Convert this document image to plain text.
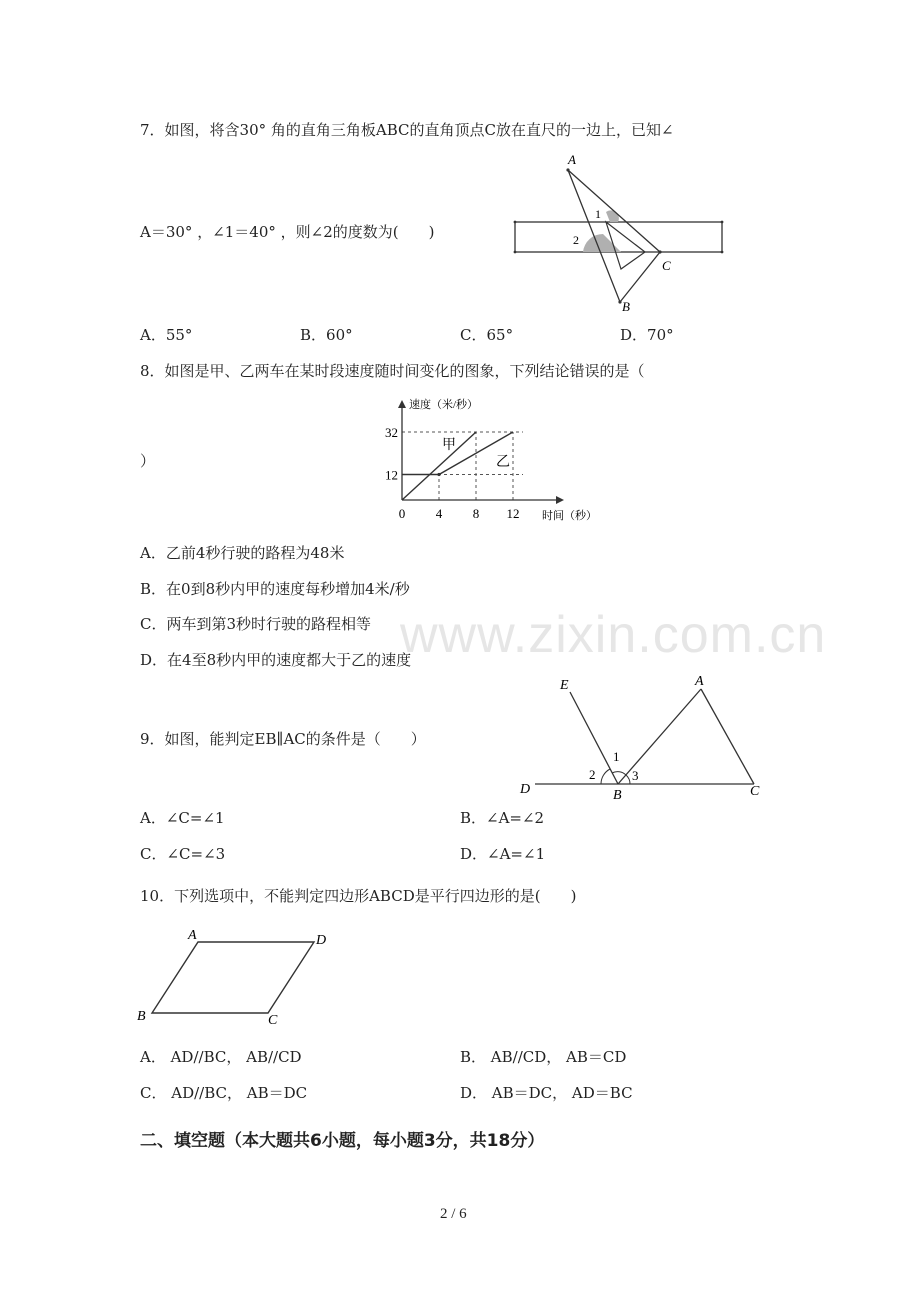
www.zixin.com.cn
7．如图，将含30° 角的直角三角板ABC的直角顶点C放在直尺的一边上，已知∠
A＝30° ，∠1＝40° ，则∠2的度数为(　　)
A
1
2
C
B
A．55°	B．60°	C．65°	D．70°
8．如图是甲、乙两车在某时段速度随时间变化的图象，下列结论错误的是（
）
12
32
0 4 8 12
速度（米/秒）
时间（秒）
甲
乙
A．乙前4秒行驶的路程为48米
B．在0到8秒内甲的速度每秒增加4米/秒
C．两车到第3秒时行驶的路程相等
D．在4至8秒内甲的速度都大于乙的速度
9．如图，能判定EB∥AC的条件是（　　）
E	A
1
2	3
D	B	C
A．∠C=∠1	B．∠A=∠2
C．∠C=∠3	D．∠A=∠1
10．下列选项中，不能判定四边形ABCD是平行四边形的是(　　)
A	D
B	C
A． AD//BC， AB//CD	B． AB//CD， AB＝CD
C． AD//BC， AB＝DC	D． AB＝DC， AD＝BC
二、填空题（本大题共6小题，每小题3分，共18分）
2 / 6
